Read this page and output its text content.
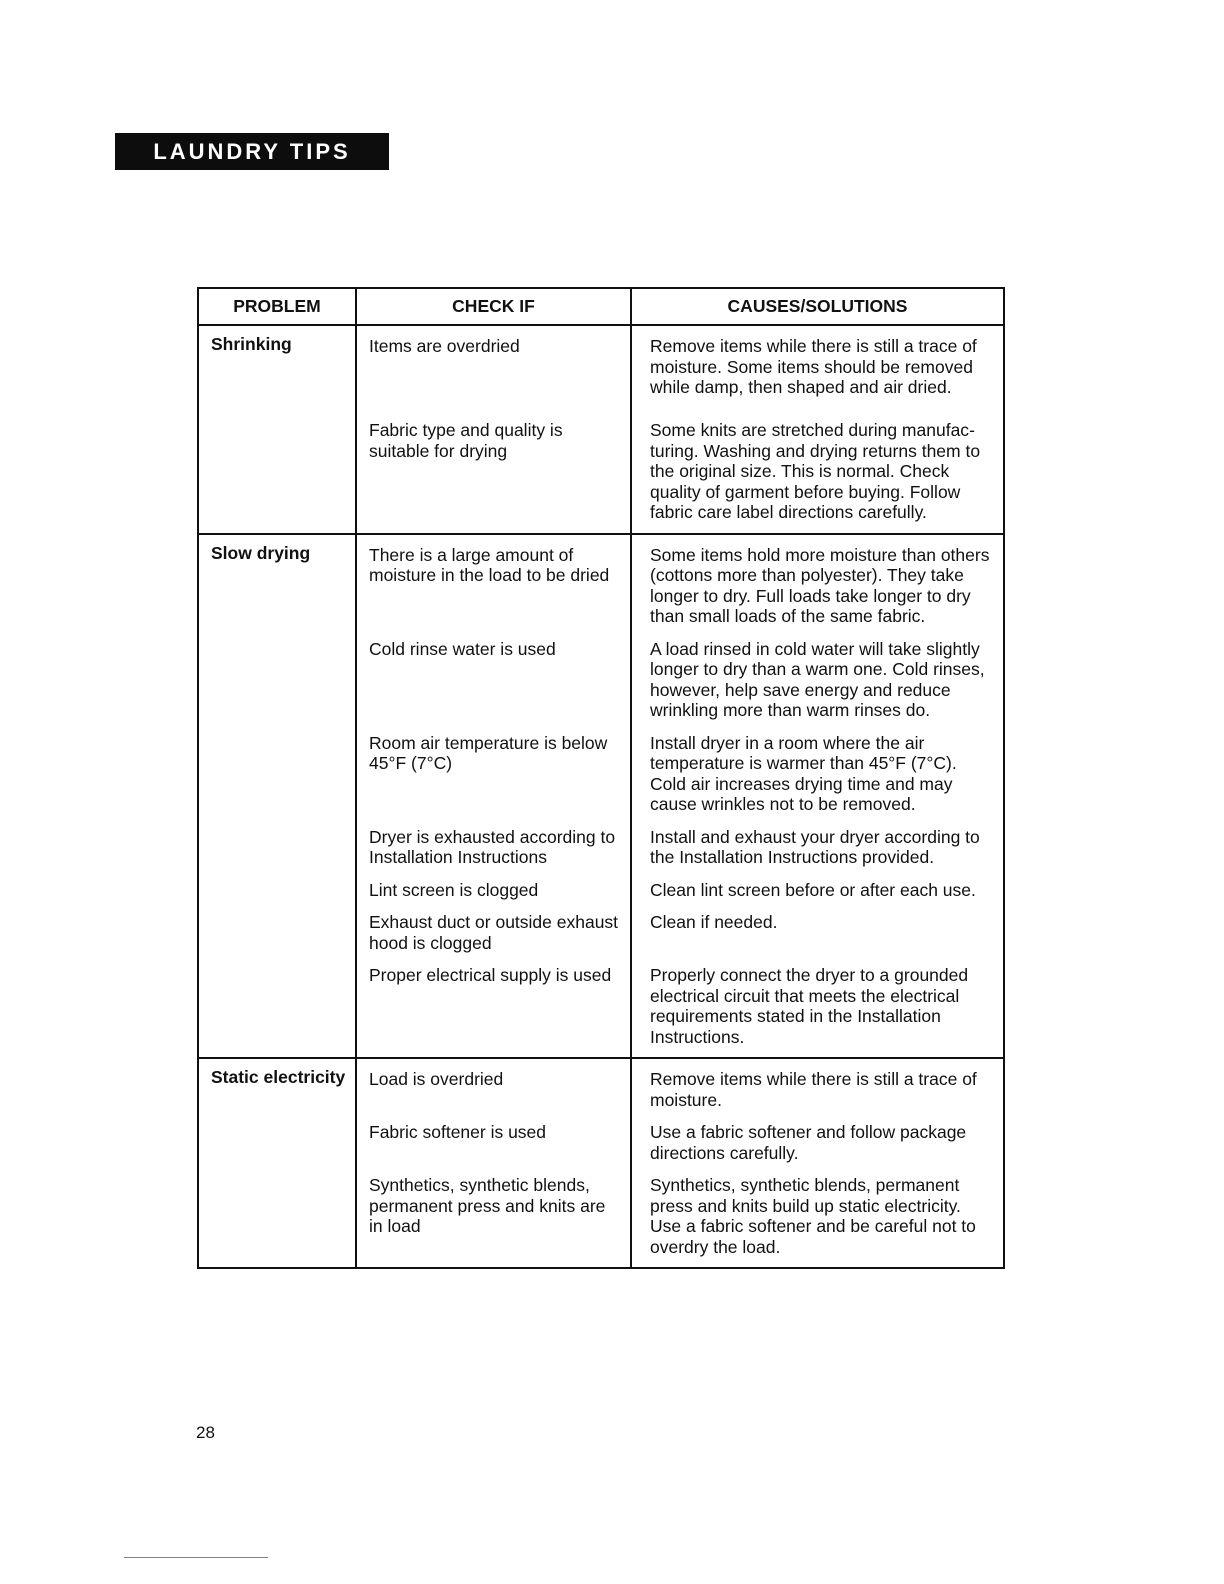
LAUNDRY TIPS
PROBLEM	CHECK IF	CAUSES/SOLUTIONS
Shrinking	Items are overdried	Remove items while there is still a trace of moisture. Some items should be removed while damp, then shaped and air dried.
	Fabric type and quality is suitable for drying	Some knits are stretched during manufacturing. Washing and drying returns them to the original size. This is normal. Check quality of garment before buying. Follow fabric care label directions carefully.
Slow drying	There is a large amount of moisture in the load to be dried	Some items hold more moisture than others (cottons more than polyester). They take longer to dry. Full loads take longer to dry than small loads of the same fabric.
	Cold rinse water is used	A load rinsed in cold water will take slightly longer to dry than a warm one. Cold rinses, however, help save energy and reduce wrinkling more than warm rinses do.
	Room air temperature is below 45°F (7°C)	Install dryer in a room where the air temperature is warmer than 45°F (7°C). Cold air increases drying time and may cause wrinkles not to be removed.
	Dryer is exhausted according to Installation Instructions	Install and exhaust your dryer according to the Installation Instructions provided.
	Lint screen is clogged	Clean lint screen before or after each use.
	Exhaust duct or outside exhaust hood is clogged	Clean if needed.
	Proper electrical supply is used	Properly connect the dryer to a grounded electrical circuit that meets the electrical requirements stated in the Installation Instructions.
Static electricity	Load is overdried	Remove items while there is still a trace of moisture.
	Fabric softener is used	Use a fabric softener and follow package directions carefully.
	Synthetics, synthetic blends, permanent press and knits are in load	Synthetics, synthetic blends, permanent press and knits build up static electricity. Use a fabric softener and be careful not to overdry the load.
28
